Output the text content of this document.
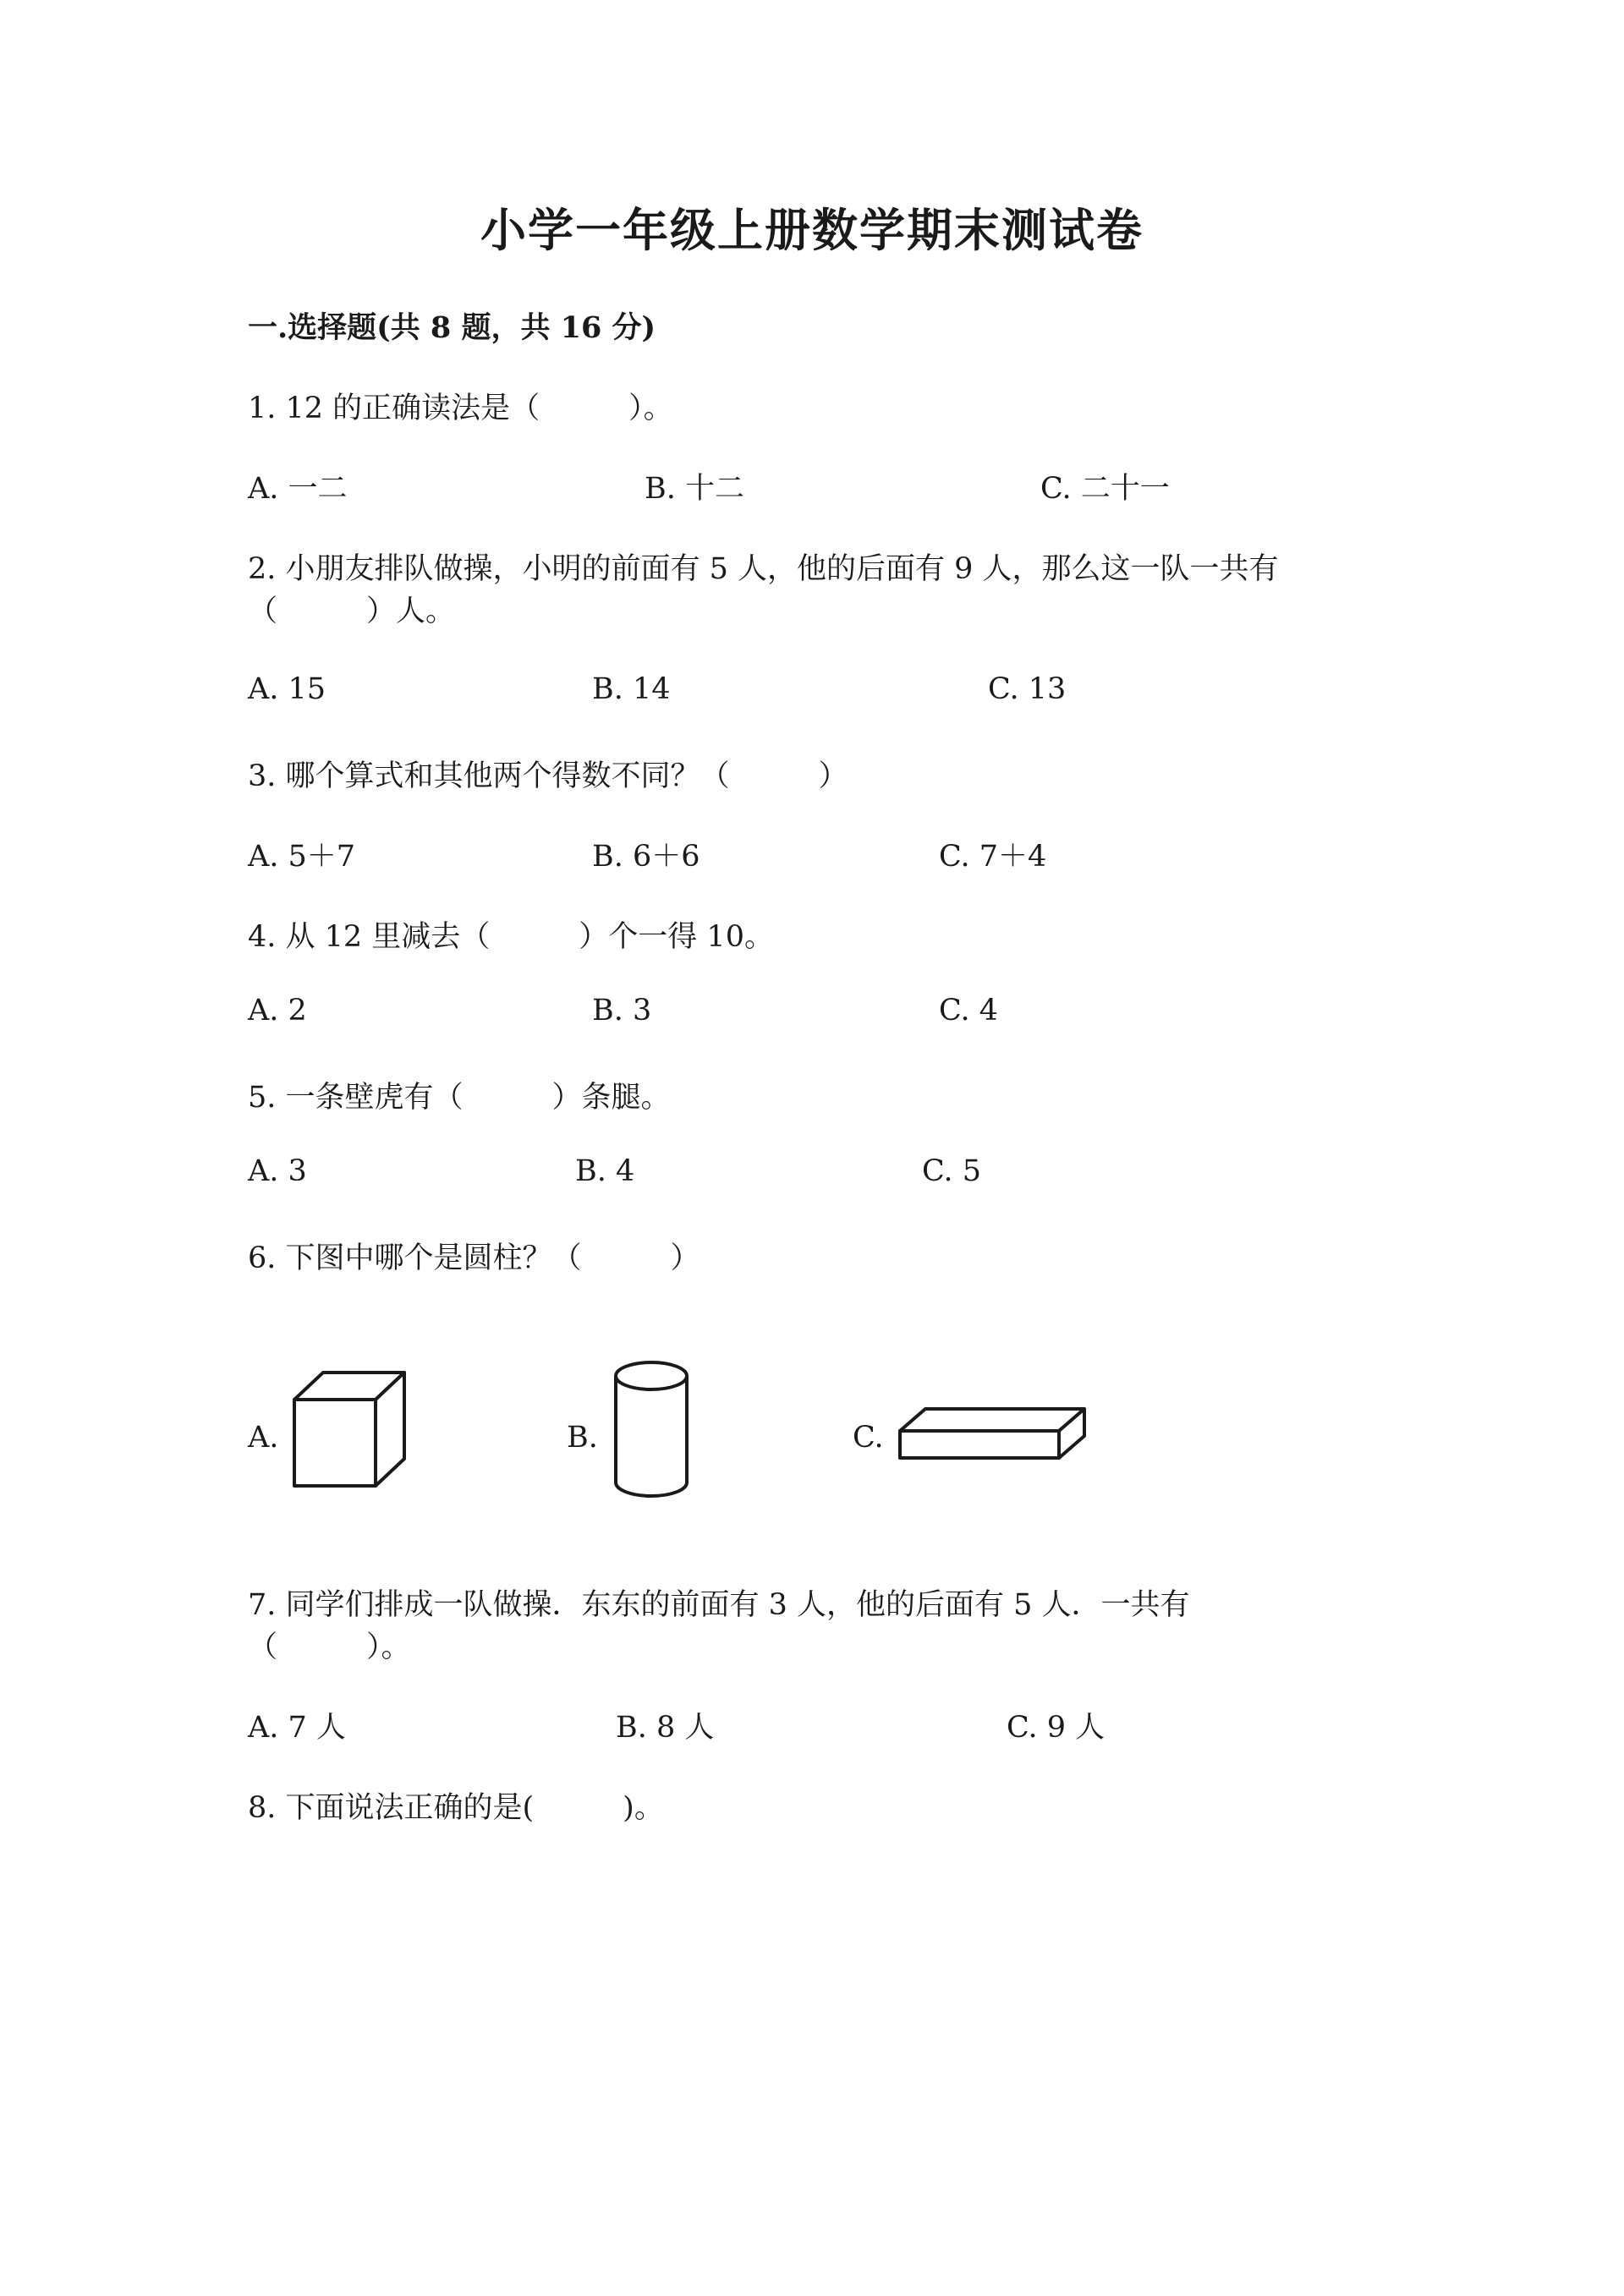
小学一年级上册数学期末测试卷
一.选择题(共 8 题，共 16 分)
1. 12 的正确读法是（　　　）。
A. 一二	B. 十二	C. 二十一
2. 小朋友排队做操，小明的前面有 5 人，他的后面有 9 人，那么这一队一共有
（　　　）人。
A. 15	B. 14	C. 13
3. 哪个算式和其他两个得数不同？（　　　）
A. 5＋7	B. 6＋6	C. 7＋4
4. 从 12 里减去（　　　）个一得 10。
A. 2	B. 3	C. 4
5. 一条壁虎有（　　　）条腿。
A. 3	B. 4	C. 5
6. 下图中哪个是圆柱？（　　　）
A.	B.	C.
7. 同学们排成一队做操．东东的前面有 3 人，他的后面有 5 人．一共有
（　　　）。
A. 7 人	B. 8 人	C. 9 人
8. 下面说法正确的是(　　　)。
